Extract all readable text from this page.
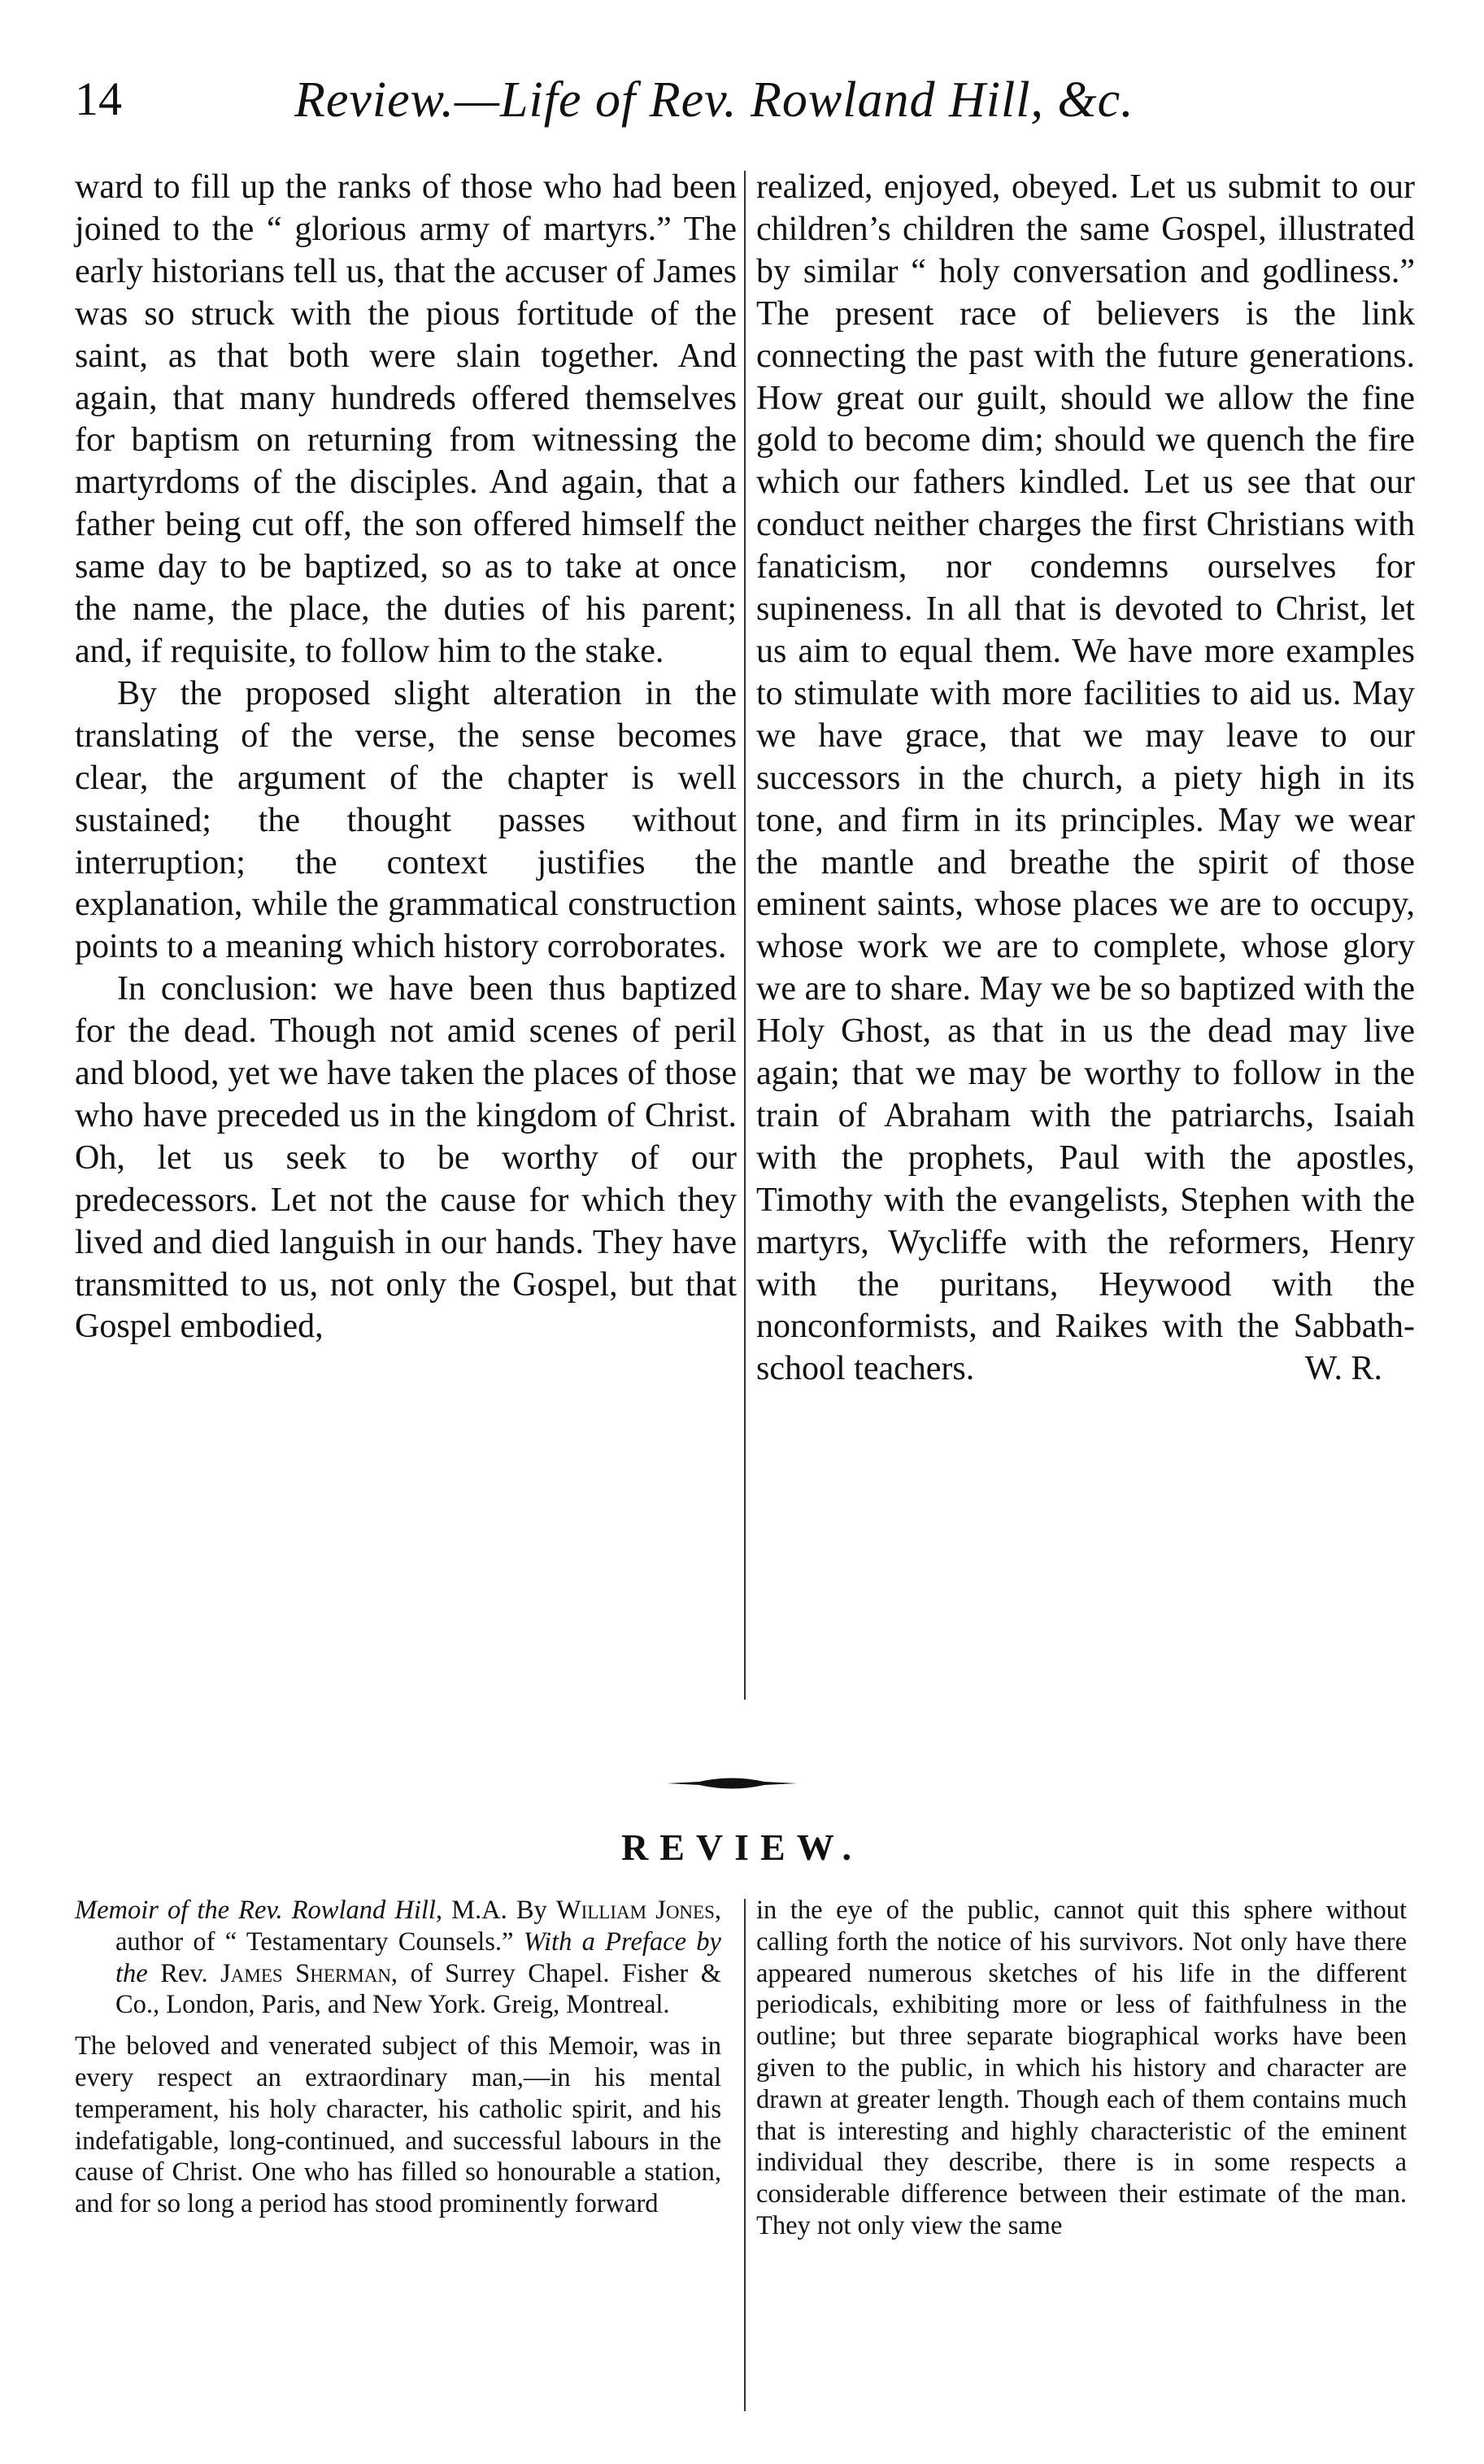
14	Review.—Life of Rev. Rowland Hill, &c.

ward to fill up the ranks of those who had been joined to the “ glorious army of martyrs.” The early historians tell us, that the accuser of James was so struck with the pious fortitude of the saint, as that both were slain together. And again, that many hundreds offered themselves for baptism on returning from witnessing the martyrdoms of the disciples. And again, that a father being cut off, the son offered himself the same day to be baptized, so as to take at once the name, the place, the duties of his parent; and, if requisite, to follow him to the stake.

By the proposed slight alteration in the translating of the verse, the sense becomes clear, the argument of the chapter is well sustained; the thought passes without interruption; the context justifies the explanation, while the grammatical construction points to a meaning which history corroborates.

In conclusion: we have been thus baptized for the dead. Though not amid scenes of peril and blood, yet we have taken the places of those who have preceded us in the kingdom of Christ. Oh, let us seek to be worthy of our predecessors. Let not the cause for which they lived and died languish in our hands. They have transmitted to us, not only the Gospel, but that Gospel embodied,

realized, enjoyed, obeyed. Let us submit to our children’s children the same Gospel, illustrated by similar “ holy conversation and godliness.” The present race of believers is the link connecting the past with the future generations. How great our guilt, should we allow the fine gold to become dim; should we quench the fire which our fathers kindled. Let us see that our conduct neither charges the first Christians with fanaticism, nor condemns ourselves for supineness. In all that is devoted to Christ, let us aim to equal them. We have more examples to stimulate with more facilities to aid us. May we have grace, that we may leave to our successors in the church, a piety high in its tone, and firm in its principles. May we wear the mantle and breathe the spirit of those eminent saints, whose places we are to occupy, whose work we are to complete, whose glory we are to share. May we be so baptized with the Holy Ghost, as that in us the dead may live again; that we may be worthy to follow in the train of Abraham with the patriarchs, Isaiah with the prophets, Paul with the apostles, Timothy with the evangelists, Stephen with the martyrs, Wycliffe with the reformers, Henry with the puritans, Heywood with the nonconformists, and Raikes with the Sabbath-school teachers.	W. R.

REVIEW.

Memoir of the Rev. Rowland Hill, M.A. By William Jones, author of “ Testamentary Counsels.” With a Preface by the Rev. James Sherman, of Surrey Chapel. Fisher & Co., London, Paris, and New York. Greig, Montreal.

The beloved and venerated subject of this Memoir, was in every respect an extraordinary man,—in his mental temperament, his holy character, his catholic spirit, and his indefatigable, long-continued, and successful labours in the cause of Christ. One who has filled so honourable a station, and for so long a period has stood prominently forward

in the eye of the public, cannot quit this sphere without calling forth the notice of his survivors. Not only have there appeared numerous sketches of his life in the different periodicals, exhibiting more or less of faithfulness in the outline; but three separate biographical works have been given to the public, in which his history and character are drawn at greater length. Though each of them contains much that is interesting and highly characteristic of the eminent individual they describe, there is in some respects a considerable difference between their estimate of the man. They not only view the same
